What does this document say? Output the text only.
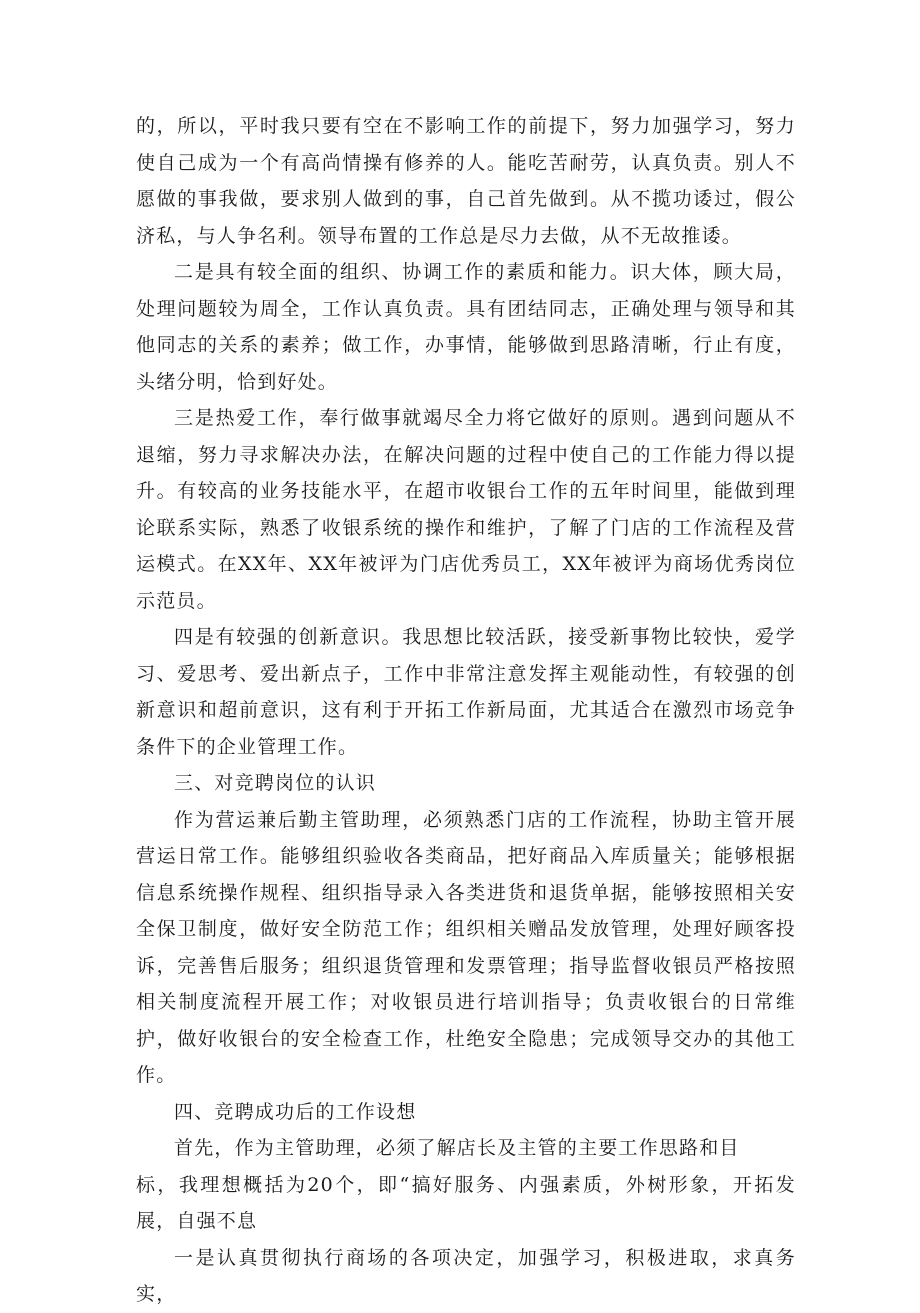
的，所以，平时我只要有空在不影响工作的前提下，努力加强学习，努力使自己成为一个有高尚情操有修养的人。能吃苦耐劳，认真负责。别人不愿做的事我做，要求别人做到的事，自己首先做到。从不揽功诿过，假公济私，与人争名利。领导布置的工作总是尽力去做，从不无故推诿。

二是具有较全面的组织、协调工作的素质和能力。识大体，顾大局，处理问题较为周全，工作认真负责。具有团结同志，正确处理与领导和其他同志的关系的素养；做工作，办事情，能够做到思路清晰，行止有度，头绪分明，恰到好处。

三是热爱工作，奉行做事就竭尽全力将它做好的原则。遇到问题从不退缩，努力寻求解决办法，在解决问题的过程中使自己的工作能力得以提升。有较高的业务技能水平，在超市收银台工作的五年时间里，能做到理论联系实际，熟悉了收银系统的操作和维护，了解了门店的工作流程及营运模式。在XX年、XX年被评为门店优秀员工，XX年被评为商场优秀岗位示范员。

四是有较强的创新意识。我思想比较活跃，接受新事物比较快，爱学习、爱思考、爱出新点子，工作中非常注意发挥主观能动性，有较强的创新意识和超前意识，这有利于开拓工作新局面，尤其适合在激烈市场竞争条件下的企业管理工作。

三、对竞聘岗位的认识

作为营运兼后勤主管助理，必须熟悉门店的工作流程，协助主管开展营运日常工作。能够组织验收各类商品，把好商品入库质量关；能够根据信息系统操作规程、组织指导录入各类进货和退货单据，能够按照相关安全保卫制度，做好安全防范工作；组织相关赠品发放管理，处理好顾客投诉，完善售后服务；组织退货管理和发票管理；指导监督收银员严格按照相关制度流程开展工作；对收银员进行培训指导；负责收银台的日常维护，做好收银台的安全检查工作，杜绝安全隐患；完成领导交办的其他工作。

四、竞聘成功后的工作设想

首先，作为主管助理，必须了解店长及主管的主要工作思路和目

标，我理想概括为20个，即“搞好服务、内强素质，外树形象，开拓发展，自强不息

一是认真贯彻执行商场的各项决定，加强学习，积极进取，求真务实，
